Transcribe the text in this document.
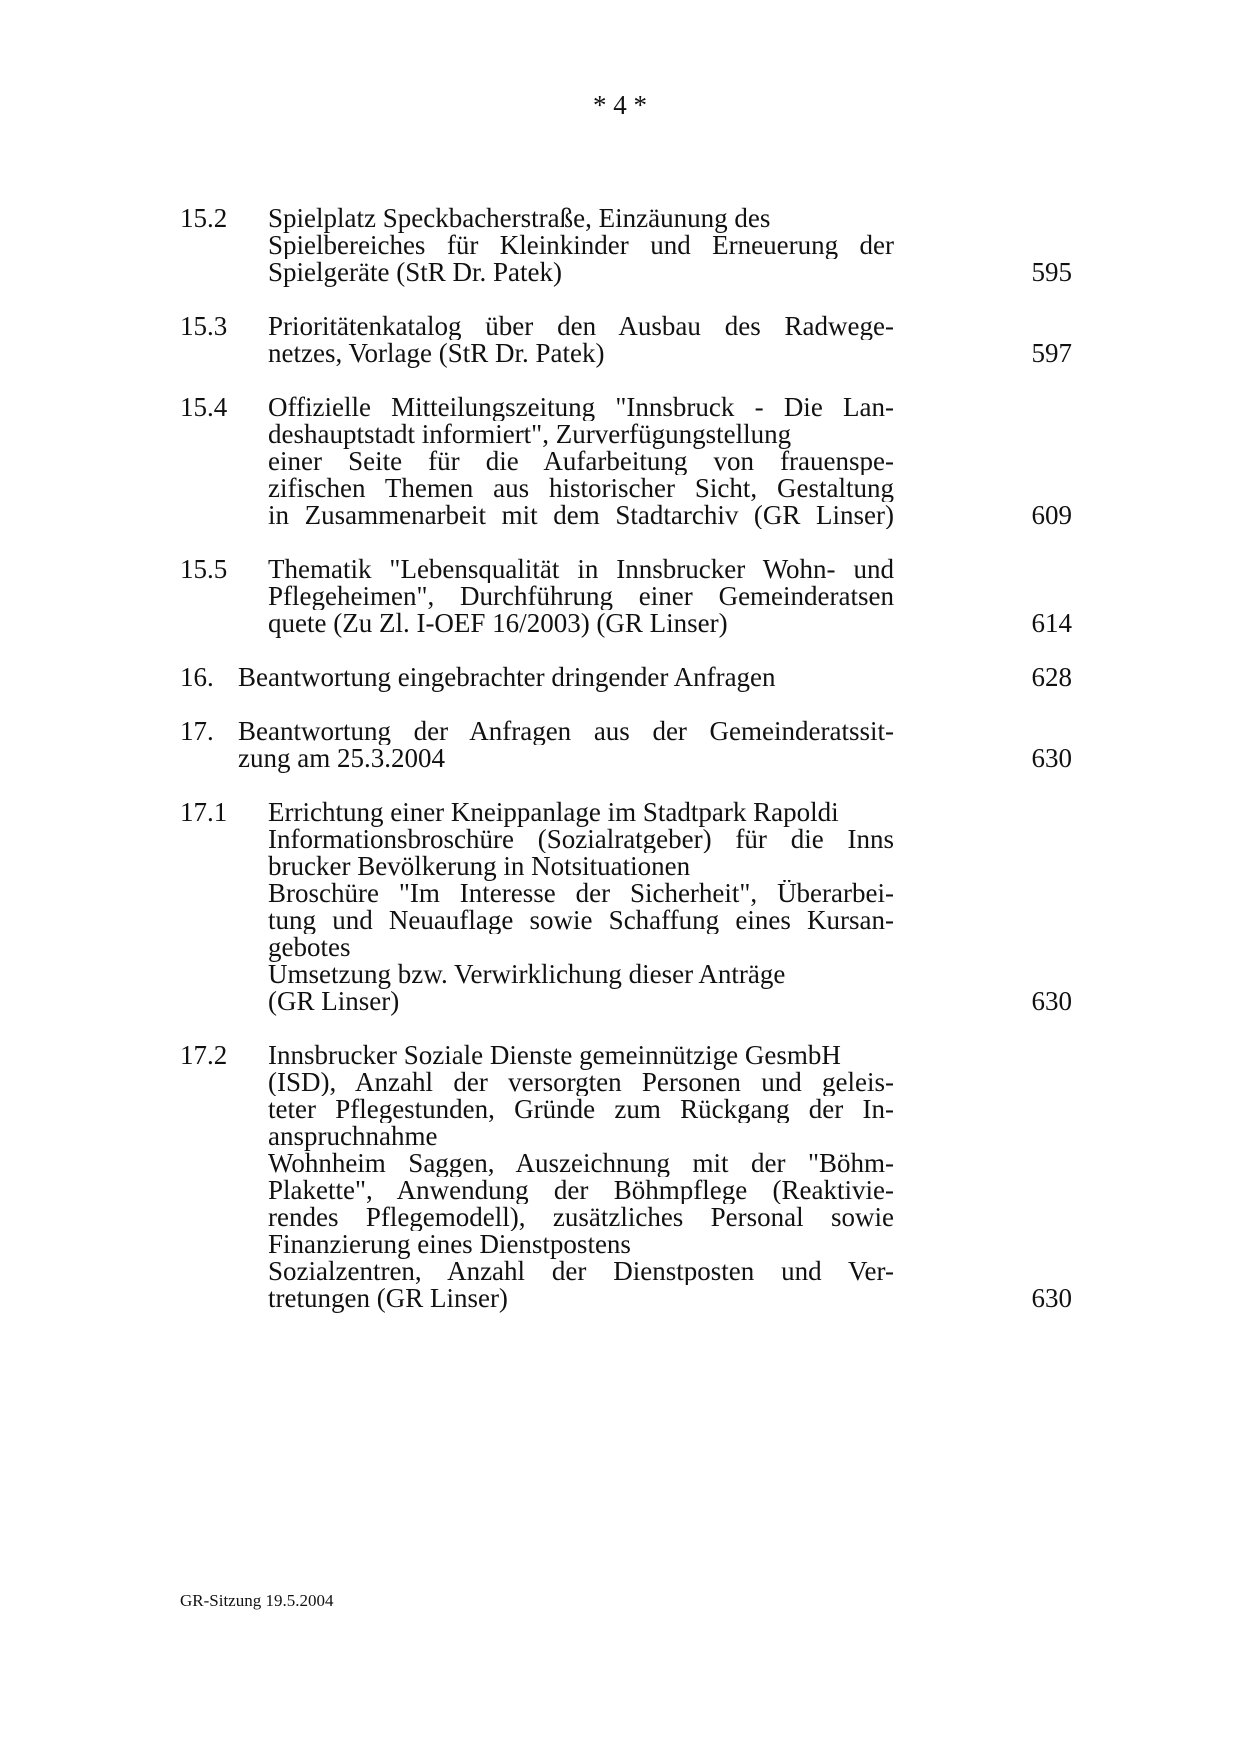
* 4 *
15.2 Spielplatz Speckbacherstraße, Einzäunung des
Spielbereiches für Kleinkinder und Erneuerung der
Spielgeräte (StR Dr. Patek)	595
15.3 Prioritätenkatalog über den Ausbau des Radwege-
netzes, Vorlage (StR Dr. Patek)	597
15.4 Offizielle Mitteilungszeitung "Innsbruck - Die Lan-
deshauptstadt informiert", Zurverfügungstellung
einer Seite für die Aufarbeitung von frauenspe-
zifischen Themen aus historischer Sicht, Gestaltung
in Zusammenarbeit mit dem Stadtarchiv (GR Linser)	609
15.5 Thematik "Lebensqualität in Innsbrucker Wohn- und
Pflegeheimen", Durchführung einer Gemeinderatsen
quete (Zu Zl. I-OEF 16/2003) (GR Linser)	614
16. Beantwortung eingebrachter dringender Anfragen	628
17. Beantwortung der Anfragen aus der Gemeinderatssit-
zung am 25.3.2004	630
17.1 Errichtung einer Kneippanlage im Stadtpark Rapoldi
Informationsbroschüre (Sozialratgeber) für die Inns
brucker Bevölkerung in Notsituationen
Broschüre "Im Interesse der Sicherheit", Überarbei-
tung und Neuauflage sowie Schaffung eines Kursan-
gebotes
Umsetzung bzw. Verwirklichung dieser Anträge
(GR Linser)	630
17.2 Innsbrucker Soziale Dienste gemeinnützige GesmbH
(ISD), Anzahl der versorgten Personen und geleis-
teter Pflegestunden, Gründe zum Rückgang der In-
anspruchnahme
Wohnheim Saggen, Auszeichnung mit der "Böhm-
Plakette", Anwendung der Böhmpflege (Reaktivie-
rendes Pflegemodell), zusätzliches Personal sowie
Finanzierung eines Dienstpostens
Sozialzentren, Anzahl der Dienstposten und Ver-
tretungen (GR Linser)	630
GR-Sitzung 19.5.2004
